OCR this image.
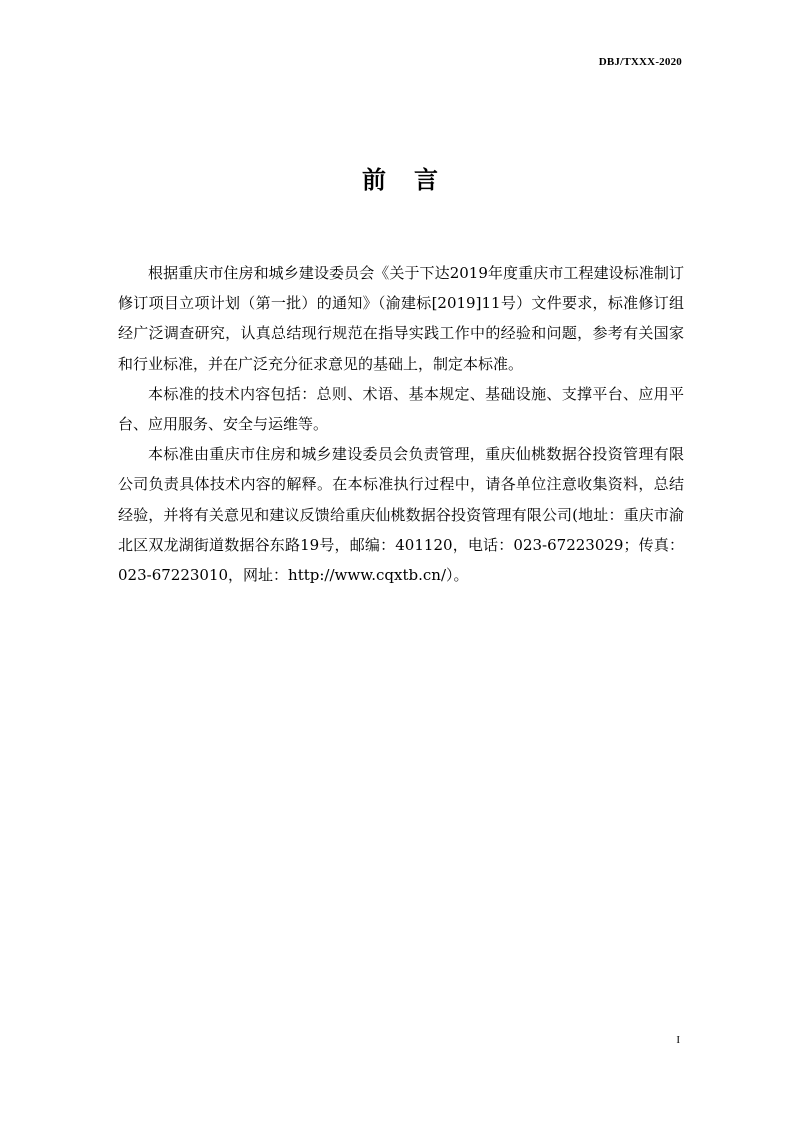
DBJ/TXXX-2020
前言

根据重庆市住房和城乡建设委员会《关于下达2019年度重庆市工程建设标准制订修订项目立项计划（第一批）的通知》（渝建标[2019]11号）文件要求，标准修订组经广泛调查研究，认真总结现行规范在指导实践工作中的经验和问题，参考有关国家和行业标准，并在广泛充分征求意见的基础上，制定本标准。

本标准的技术内容包括：总则、术语、基本规定、基础设施、支撑平台、应用平台、应用服务、安全与运维等。

本标准由重庆市住房和城乡建设委员会负责管理，重庆仙桃数据谷投资管理有限公司负责具体技术内容的解释。在本标准执行过程中，请各单位注意收集资料，总结经验，并将有关意见和建议反馈给重庆仙桃数据谷投资管理有限公司(地址：重庆市渝北区双龙湖街道数据谷东路19号，邮编：401120，电话：023-67223029；传真：023-67223010，网址：http://www.cqxtb.cn/）。

I
